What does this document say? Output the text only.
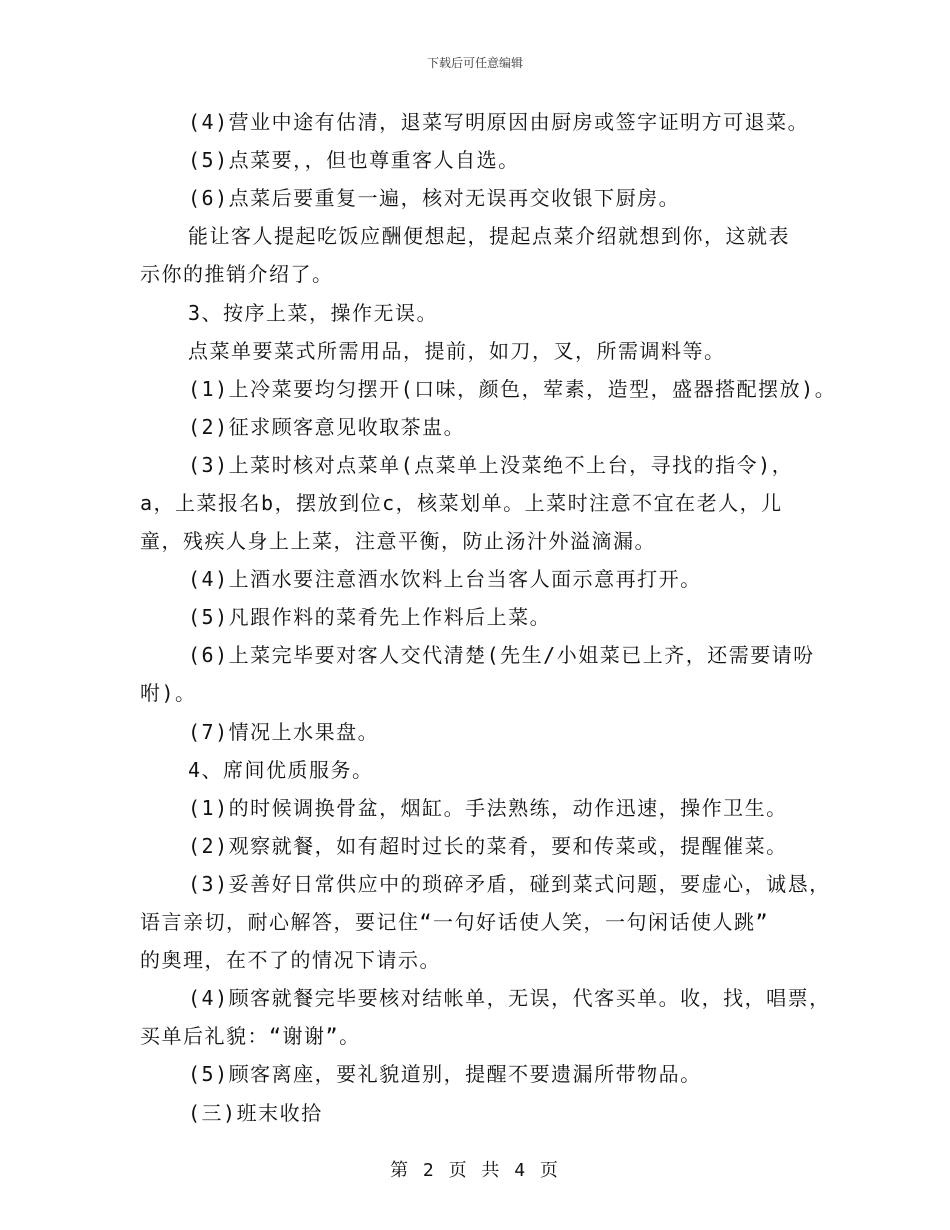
下载后可任意编辑
(4)营业中途有估清，退菜写明原因由厨房或签字证明方可退菜。
(5)点菜要，，但也尊重客人自选。
(6)点菜后要重复一遍，核对无误再交收银下厨房。
能让客人提起吃饭应酬便想起，提起点菜介绍就想到你，这就表
示你的推销介绍了。
3、按序上菜，操作无误。
点菜单要菜式所需用品，提前，如刀，叉，所需调料等。
(1)上冷菜要均匀摆开(口味，颜色，荤素，造型，盛器搭配摆放)。
(2)征求顾客意见收取茶盅。
(3)上菜时核对点菜单(点菜单上没菜绝不上台，寻找的指令)，
a，上菜报名b，摆放到位c，核菜划单。上菜时注意不宜在老人，儿
童，残疾人身上上菜，注意平衡，防止汤汁外溢滴漏。
(4)上酒水要注意酒水饮料上台当客人面示意再打开。
(5)凡跟作料的菜肴先上作料后上菜。
(6)上菜完毕要对客人交代清楚(先生/小姐菜已上齐，还需要请吩
咐)。
(7)情况上水果盘。
4、席间优质服务。
(1)的时候调换骨盆，烟缸。手法熟练，动作迅速，操作卫生。
(2)观察就餐，如有超时过长的菜肴，要和传菜或，提醒催菜。
(3)妥善好日常供应中的琐碎矛盾，碰到菜式问题，要虚心，诚恳，
语言亲切，耐心解答，要记住“一句好话使人笑，一句闲话使人跳”
的奥理，在不了的情况下请示。
(4)顾客就餐完毕要核对结帐单，无误，代客买单。收，找，唱票，
买单后礼貌：“谢谢”。
(5)顾客离座，要礼貌道别，提醒不要遗漏所带物品。
(三)班末收拾
第 2 页 共 4 页
